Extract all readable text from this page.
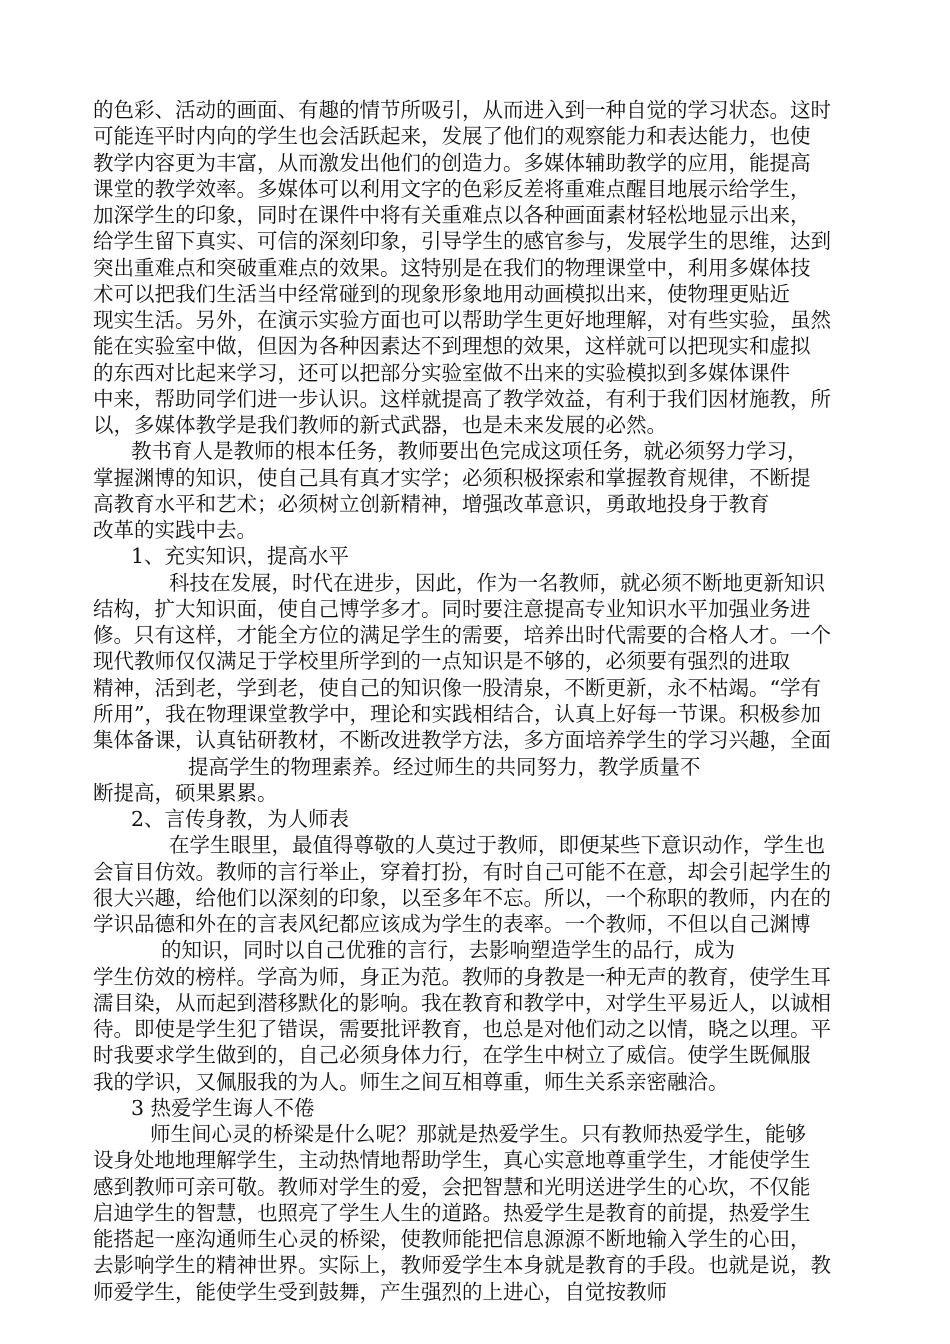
的色彩、活动的画面、有趣的情节所吸引，从而进入到一种自觉的学习状态。这时
可能连平时内向的学生也会活跃起来，发展了他们的观察能力和表达能力，也使
教学内容更为丰富，从而激发出他们的创造力。多媒体辅助教学的应用，能提高
课堂的教学效率。多媒体可以利用文字的色彩反差将重难点醒目地展示给学生，
加深学生的印象，同时在课件中将有关重难点以各种画面素材轻松地显示出来，
给学生留下真实、可信的深刻印象，引导学生的感官参与，发展学生的思维，达到
突出重难点和突破重难点的效果。这特别是在我们的物理课堂中，利用多媒体技
术可以把我们生活当中经常碰到的现象形象地用动画模拟出来，使物理更贴近
现实生活。另外，在演示实验方面也可以帮助学生更好地理解，对有些实验，虽然
能在实验室中做，但因为各种因素达不到理想的效果，这样就可以把现实和虚拟
的东西对比起来学习，还可以把部分实验室做不出来的实验模拟到多媒体课件
中来，帮助同学们进一步认识。这样就提高了教学效益，有利于我们因材施教，所
以，多媒体教学是我们教师的新式武器，也是未来发展的必然。
教书育人是教师的根本任务，教师要出色完成这项任务，就必须努力学习，
掌握渊博的知识，使自己具有真才实学；必须积极探索和掌握教育规律，不断提
高教育水平和艺术；必须树立创新精神，增强改革意识，勇敢地投身于教育
改革的实践中去。
1、充实知识，提高水平
科技在发展，时代在进步，因此，作为一名教师，就必须不断地更新知识
结构，扩大知识面，使自己博学多才。同时要注意提高专业知识水平加强业务进
修。只有这样，才能全方位的满足学生的需要，培养出时代需要的合格人才。一个
现代教师仅仅满足于学校里所学到的一点知识是不够的，必须要有强烈的进取
精神，活到老，学到老，使自己的知识像一股清泉，不断更新，永不枯竭。“学有
所用”，我在物理课堂教学中，理论和实践相结合，认真上好每一节课。积极参加
集体备课，认真钻研教材，不断改进教学方法，多方面培养学生的学习兴趣，全面
提高学生的物理素养。经过师生的共同努力，教学质量不
断提高，硕果累累。
2、言传身教，为人师表
在学生眼里，最值得尊敬的人莫过于教师，即便某些下意识动作，学生也
会盲目仿效。教师的言行举止，穿着打扮，有时自己可能不在意，却会引起学生的
很大兴趣，给他们以深刻的印象，以至多年不忘。所以，一个称职的教师，内在的
学识品德和外在的言表风纪都应该成为学生的表率。一个教师，不但以自己渊博
的知识，同时以自己优雅的言行，去影响塑造学生的品行，成为
学生仿效的榜样。学高为师，身正为范。教师的身教是一种无声的教育，使学生耳
濡目染，从而起到潜移默化的影响。我在教育和教学中，对学生平易近人，以诚相
待。即使是学生犯了错误，需要批评教育，也总是对他们动之以情，晓之以理。平
时我要求学生做到的，自己必须身体力行，在学生中树立了威信。使学生既佩服
我的学识，又佩服我的为人。师生之间互相尊重，师生关系亲密融洽。
3 热爱学生诲人不倦
师生间心灵的桥梁是什么呢？那就是热爱学生。只有教师热爱学生，能够
设身处地地理解学生，主动热情地帮助学生，真心实意地尊重学生，才能使学生
感到教师可亲可敬。教师对学生的爱，会把智慧和光明送进学生的心坎，不仅能
启迪学生的智慧，也照亮了学生人生的道路。热爱学生是教育的前提，热爱学生
能搭起一座沟通师生心灵的桥梁，使教师能把信息源源不断地输入学生的心田，
去影响学生的精神世界。实际上，教师爱学生本身就是教育的手段。也就是说，教
师爱学生，能使学生受到鼓舞，产生强烈的上进心，自觉按教师
